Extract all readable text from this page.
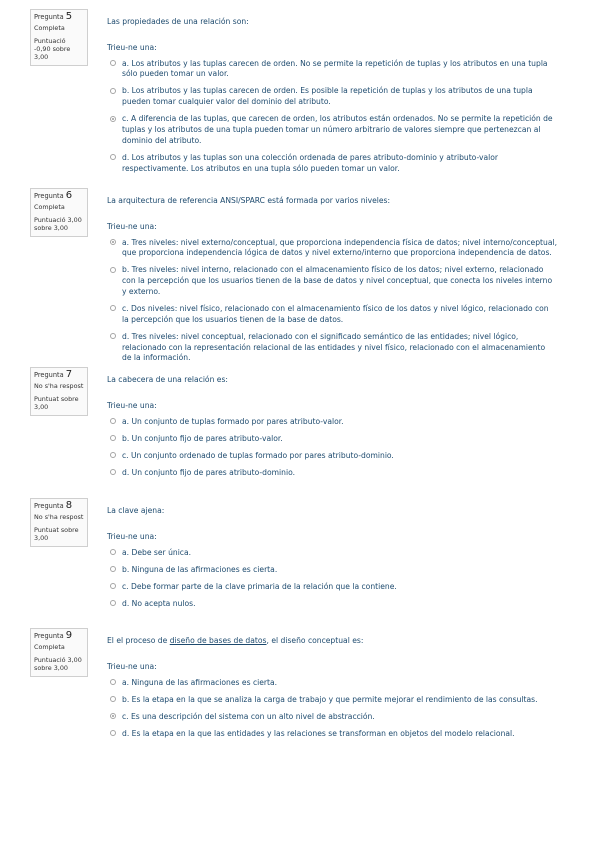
Pregunta 5
Completa
Puntuació -0,90 sobre 3,00
Las propiedades de una relación son:
Trieu-ne una:
a. Los atributos y las tuplas carecen de orden. No se permite la repetición de tuplas y los atributos en una tupla sólo pueden tomar un valor.
b. Los atributos y las tuplas carecen de orden. Es posible la repetición de tuplas y los atributos de una tupla pueden tomar cualquier valor del dominio del atributo.
c. A diferencia de las tuplas, que carecen de orden, los atributos están ordenados. No se permite la repetición de tuplas y los atributos de una tupla pueden tomar un número arbitrario de valores siempre que pertenezcan al dominio del atributo.
d. Los atributos y las tuplas son una colección ordenada de pares atributo-dominio y atributo-valor respectivamente. Los atributos en una tupla sólo pueden tomar un valor.
Pregunta 6
Completa
Puntuació 3,00 sobre 3,00
La arquitectura de referencia ANSI/SPARC está formada por varios niveles:
Trieu-ne una:
a. Tres niveles: nivel externo/conceptual, que proporciona independencia física de datos; nivel interno/conceptual, que proporciona independencia lógica de datos y nivel externo/interno que proporciona independencia de datos.
b. Tres niveles: nivel interno, relacionado con el almacenamiento físico de los datos; nivel externo, relacionado con la percepción que los usuarios tienen de la base de datos y nivel conceptual, que conecta los niveles interno y externo.
c. Dos niveles: nivel físico, relacionado con el almacenamiento físico de los datos y nivel lógico, relacionado con la percepción que los usuarios tienen de la base de datos.
d. Tres niveles: nivel conceptual, relacionado con el significado semántico de las entidades; nivel lógico, relacionado con la representación relacional de las entidades y nivel físico, relacionado con el almacenamiento de la información.
Pregunta 7
No s'ha respost
Puntuat sobre 3,00
La cabecera de una relación es:
Trieu-ne una:
a. Un conjunto de tuplas formado por pares atributo-valor.
b. Un conjunto fijo de pares atributo-valor.
c. Un conjunto ordenado de tuplas formado por pares atributo-dominio.
d. Un conjunto fijo de pares atributo-dominio.
Pregunta 8
No s'ha respost
Puntuat sobre 3,00
La clave ajena:
Trieu-ne una:
a. Debe ser única.
b. Ninguna de las afirmaciones es cierta.
c. Debe formar parte de la clave primaria de la relación que la contiene.
d. No acepta nulos.
Pregunta 9
Completa
Puntuació 3,00 sobre 3,00
El el proceso de diseño de bases de datos, el diseño conceptual es:
Trieu-ne una:
a. Ninguna de las afirmaciones es cierta.
b. Es la etapa en la que se analiza la carga de trabajo y que permite mejorar el rendimiento de las consultas.
c. Es una descripción del sistema con un alto nivel de abstracción.
d. Es la etapa en la que las entidades y las relaciones se transforman en objetos del modelo relacional.
